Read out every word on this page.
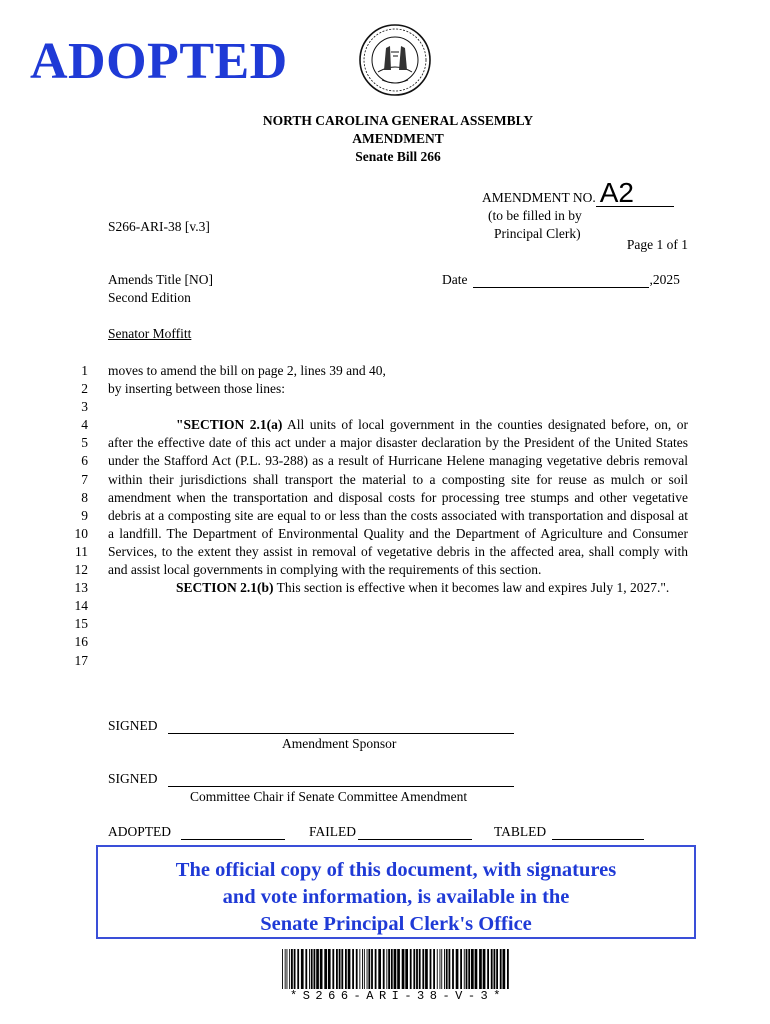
ADOPTED
NORTH CAROLINA GENERAL ASSEMBLY
AMENDMENT
Senate Bill 266
AMENDMENT NO. A2
(to be filled in by
Principal Clerk)
S266-ARI-38 [v.3]
Page 1 of 1
Amends Title [NO]
Second Edition
Date	,2025
Senator Moffitt
1
2
3
4
5
6
7
8
9
10
11
12
13
14
15
16
17

moves to amend the bill on page 2, lines 39 and 40,

by inserting between those lines:

"SECTION 2.1(a) All units of local government in the counties designated before, on, or after the effective date of this act under a major disaster declaration by the President of the United States under the Stafford Act (P.L. 93-288) as a result of Hurricane Helene managing vegetative debris removal within their jurisdictions shall transport the material to a composting site for reuse as mulch or soil amendment when the transportation and disposal costs for processing tree stumps and other vegetative debris at a composting site are equal to or less than the costs associated with transportation and disposal at a landfill. The Department of Environmental Quality and the Department of Agriculture and Consumer Services, to the extent they assist in removal of vegetative debris in the affected area, shall comply with and assist local governments in complying with the requirements of this section.

SECTION 2.1(b) This section is effective when it becomes law and expires July 1, 2027.".

SIGNED
Amendment Sponsor
SIGNED
Committee Chair if Senate Committee Amendment
ADOPTED	FAILED	TABLED
The official copy of this document, with signatures
and vote information, is available in the
Senate Principal Clerk's Office
*S266-ARI-38-V-3*
